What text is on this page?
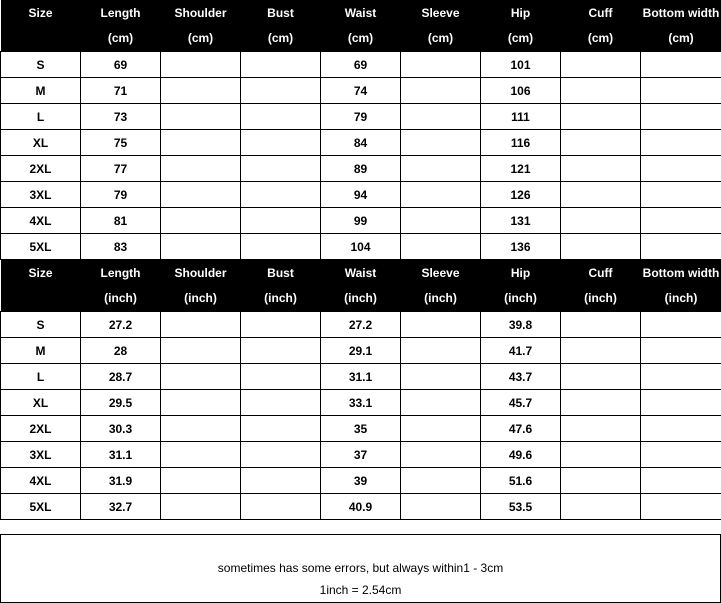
Size	Length	Shoulder	Bust	Waist	Sleeve	Hip	Cuff	Bottom width
	(cm)	(cm)	(cm)	(cm)	(cm)	(cm)	(cm)	(cm)
S	69			69		101		
M	71			74		106		
L	73			79		111		
XL	75			84		116		
2XL	77			89		121		
3XL	79			94		126		
4XL	81			99		131		
5XL	83			104		136		
Size	Length	Shoulder	Bust	Waist	Sleeve	Hip	Cuff	Bottom width
	(inch)	(inch)	(inch)	(inch)	(inch)	(inch)	(inch)	(inch)
S	27.2			27.2		39.8		
M	28			29.1		41.7		
L	28.7			31.1		43.7		
XL	29.5			33.1		45.7		
2XL	30.3			35		47.6		
3XL	31.1			37		49.6		
4XL	31.9			39		51.6		
5XL	32.7			40.9		53.5		
sometimes has some errors, but always within1 - 3cm
1inch = 2.54cm
